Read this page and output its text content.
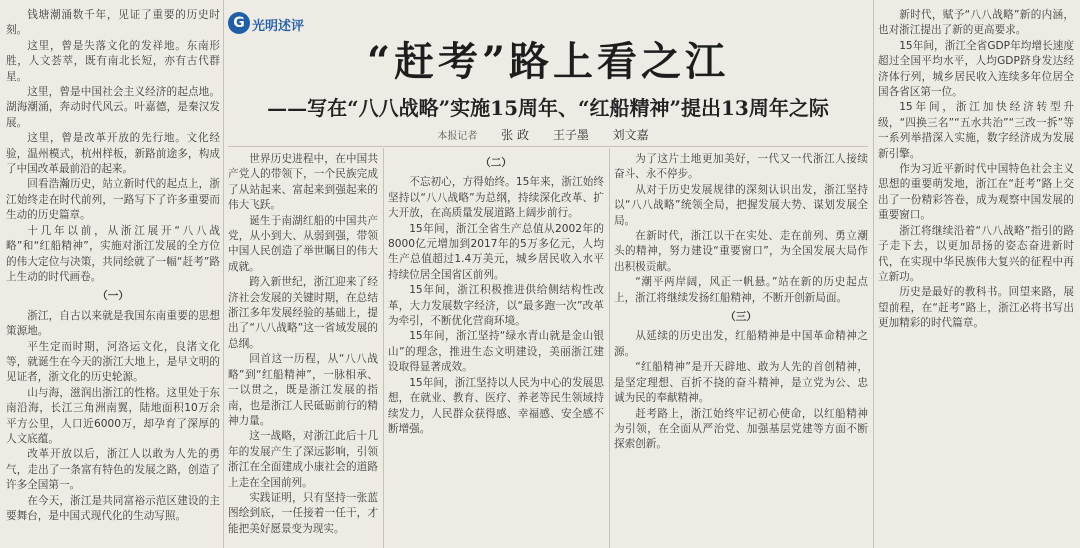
钱塘潮涌数千年，见证了重要的历史时刻。

这里，曾是失落文化的发祥地。东南形胜，人文荟萃，既有南北长短，亦有古代群星。

这里，曾是中国社会主义经济的起点地。湖海潮涌，奔动时代风云。叶嘉德，是秦汉发展。

这里，曾是改革开放的先行地。文化经验，温州模式，杭州样板，新路前途多，构成了中国改革最前沿的起来。

回看浩瀚历史，站立新时代的起点上，浙江始终走在时代前列，一路写下了许多重要而生动的历史篇章。

十几年以前，从浙江展开“八八战略”和“红船精神”，实施对浙江发展的全方位的伟大定位与决策，共同绘就了一幅“赶考”路上生动的时代画卷。

（一）

浙江，自古以来就是我国东南重要的思想策源地。

平生定而时期，河洛运文化，良渚文化等，就诞生在今天的浙江大地上，是早文明的见证者，浙文化的历史轮源。

山与海，滋润出浙江的性格。这里处于东南沿海，长江三角洲南翼，陆地面积10万余平方公里，人口近6000万，却孕育了深厚的人文底蕴。

改革开放以后，浙江人以敢为人先的勇气，走出了一条富有特色的发展之路，创造了许多全国第一。

在今天，浙江是共同富裕示范区建设的主要舞台，是中国式现代化的生动写照。

G 光明述评
“赶考”路上看之江
——写在“八八战略”实施15周年、“红船精神”提出13周年之际
本报记者 张 政 王子墨 刘文嘉

世界历史进程中，在中国共产党人的带领下，一个民族完成了从站起来、富起来到强起来的伟大飞跃。

诞生于南湖红船的中国共产党，从小到大、从弱到强，带领中国人民创造了举世瞩目的伟大成就。

跨入新世纪，浙江迎来了经济社会发展的关键时期，在总结浙江多年发展经验的基础上，提出了“八八战略”这一省域发展的总纲。

回首这一历程，从“八八战略”到“红船精神”，一脉相承、一以贯之，既是浙江发展的指南，也是浙江人民砥砺前行的精神力量。

这一战略，对浙江此后十几年的发展产生了深远影响，引领浙江在全面建成小康社会的道路上走在全国前列。

实践证明，只有坚持一张蓝图绘到底，一任接着一任干，才能把美好愿景变为现实。

（二）

不忘初心，方得始终。15年来，浙江始终坚持以“八八战略”为总纲，持续深化改革、扩大开放，在高质量发展道路上阔步前行。

15年间，浙江全省生产总值从2002年的8000亿元增加到2017年的5万多亿元，人均生产总值超过1.4万美元，城乡居民收入水平持续位居全国省区前列。

15年间，浙江积极推进供给侧结构性改革，大力发展数字经济，以“最多跑一次”改革为牵引，不断优化营商环境。

15年间，浙江坚持“绿水青山就是金山银山”的理念，推进生态文明建设，美丽浙江建设取得显著成效。

15年间，浙江坚持以人民为中心的发展思想，在就业、教育、医疗、养老等民生领域持续发力，人民群众获得感、幸福感、安全感不断增强。

为了这片土地更加美好，一代又一代浙江人接续奋斗、永不停步。

从对于历史发展规律的深刻认识出发，浙江坚持以“八八战略”统领全局，把握发展大势、谋划发展全局。

在新时代，浙江以干在实处、走在前列、勇立潮头的精神，努力建设“重要窗口”，为全国发展大局作出积极贡献。

“潮平两岸阔，风正一帆悬。”站在新的历史起点上，浙江将继续发扬红船精神，不断开创新局面。

（三）

从延续的历史出发，红船精神是中国革命精神之源。

“红船精神”是开天辟地、敢为人先的首创精神，是坚定理想、百折不挠的奋斗精神，是立党为公、忠诚为民的奉献精神。

赶考路上，浙江始终牢记初心使命，以红船精神为引领，在全面从严治党、加强基层党建等方面不断探索创新。

新时代，赋予“八八战略”新的内涵，也对浙江提出了新的更高要求。

15年间，浙江全省GDP年均增长速度超过全国平均水平，人均GDP跻身发达经济体行列，城乡居民收入连续多年位居全国各省区第一位。

15年间，浙江加快经济转型升级，“四换三名”“五水共治”“三改一拆”等一系列举措深入实施，数字经济成为发展新引擎。

作为习近平新时代中国特色社会主义思想的重要萌发地，浙江在“赶考”路上交出了一份精彩答卷，成为观察中国发展的重要窗口。

浙江将继续沿着“八八战略”指引的路子走下去，以更加昂扬的姿态奋进新时代，在实现中华民族伟大复兴的征程中再立新功。

历史是最好的教科书。回望来路，展望前程，在“赶考”路上，浙江必将书写出更加精彩的时代篇章。
